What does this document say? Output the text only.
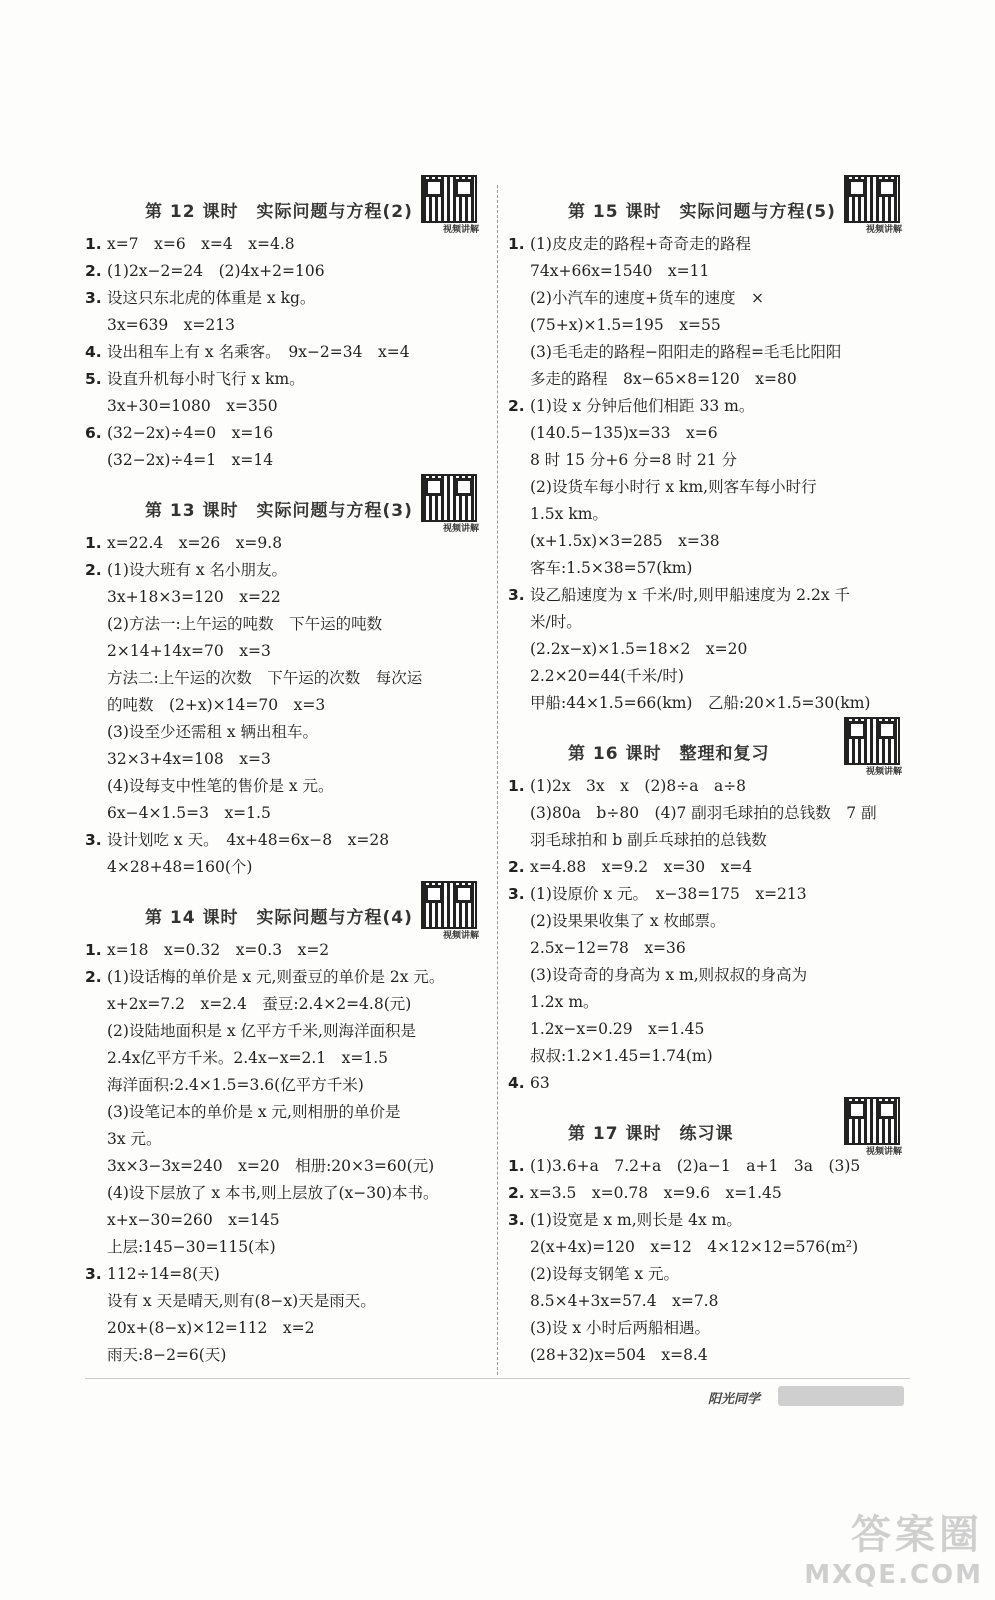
第 12 课时　实际问题与方程(2)
视频讲解
1. x=7　x=6　x=4　x=4.8
2. (1)2x−2=24　(2)4x+2=106
3. 设这只东北虎的体重是 x kg。
3x=639　x=213
4. 设出租车上有 x 名乘客。　9x−2=34　x=4
5. 设直升机每小时飞行 x km。
3x+30=1080　x=350
6. (32−2x)÷4=0　x=16
(32−2x)÷4=1　x=14
第 13 课时　实际问题与方程(3)
视频讲解
1. x=22.4　x=26　x=9.8
2. (1)设大班有 x 名小朋友。
3x+18×3=120　x=22
(2)方法一:上午运的吨数　下午运的吨数
2×14+14x=70　x=3
方法二:上午运的次数　下午运的次数　每次运
的吨数　(2+x)×14=70　x=3
(3)设至少还需租 x 辆出租车。
32×3+4x=108　x=3
(4)设每支中性笔的售价是 x 元。
6x−4×1.5=3　x=1.5
3. 设计划吃 x 天。　4x+48=6x−8　x=28
4×28+48=160(个)
第 14 课时　实际问题与方程(4)
视频讲解
1. x=18　x=0.32　x=0.3　x=2
2. (1)设话梅的单价是 x 元,则蚕豆的单价是 2x 元。
x+2x=7.2　x=2.4　蚕豆:2.4×2=4.8(元)
(2)设陆地面积是 x 亿平方千米,则海洋面积是
2.4x亿平方千米。2.4x−x=2.1　x=1.5
海洋面积:2.4×1.5=3.6(亿平方千米)
(3)设笔记本的单价是 x 元,则相册的单价是
3x 元。
3x×3−3x=240　x=20　相册:20×3=60(元)
(4)设下层放了 x 本书,则上层放了(x−30)本书。
x+x−30=260　x=145
上层:145−30=115(本)
3. 112÷14=8(天)
设有 x 天是晴天,则有(8−x)天是雨天。
20x+(8−x)×12=112　x=2
雨天:8−2=6(天)
第 15 课时　实际问题与方程(5)
视频讲解
1. (1)皮皮走的路程+奇奇走的路程
74x+66x=1540　x=11
(2)小汽车的速度+货车的速度　×
(75+x)×1.5=195　x=55
(3)毛毛走的路程−阳阳走的路程=毛毛比阳阳
多走的路程　8x−65×8=120　x=80
2. (1)设 x 分钟后他们相距 33 m。
(140.5−135)x=33　x=6
8 时 15 分+6 分=8 时 21 分
(2)设货车每小时行 x km,则客车每小时行
1.5x km。
(x+1.5x)×3=285　x=38
客车:1.5×38=57(km)
3. 设乙船速度为 x 千米/时,则甲船速度为 2.2x 千
米/时。
(2.2x−x)×1.5=18×2　x=20
2.2×20=44(千米/时)
甲船:44×1.5=66(km)　乙船:20×1.5=30(km)
第 16 课时　整理和复习
视频讲解
1. (1)2x　3x　x　(2)8÷a　a÷8
(3)80a　b÷80　(4)7 副羽毛球拍的总钱数　7 副
羽毛球拍和 b 副乒乓球拍的总钱数
2. x=4.88　x=9.2　x=30　x=4
3. (1)设原价 x 元。　x−38=175　x=213
(2)设果果收集了 x 枚邮票。
2.5x−12=78　x=36
(3)设奇奇的身高为 x m,则叔叔的身高为
1.2x m。
1.2x−x=0.29　x=1.45
叔叔:1.2×1.45=1.74(m)
4. 63
第 17 课时　练习课
视频讲解
1. (1)3.6+a　7.2+a　(2)a−1　a+1　3a　(3)5
2. x=3.5　x=0.78　x=9.6　x=1.45
3. (1)设宽是 x m,则长是 4x m。
2(x+4x)=120　x=12　4×12×12=576(m²)
(2)设每支钢笔 x 元。
8.5×4+3x=57.4　x=7.8
(3)设 x 小时后两船相遇。
(28+32)x=504　x=8.4
阳光同学
答案圈
MXQE.COM
